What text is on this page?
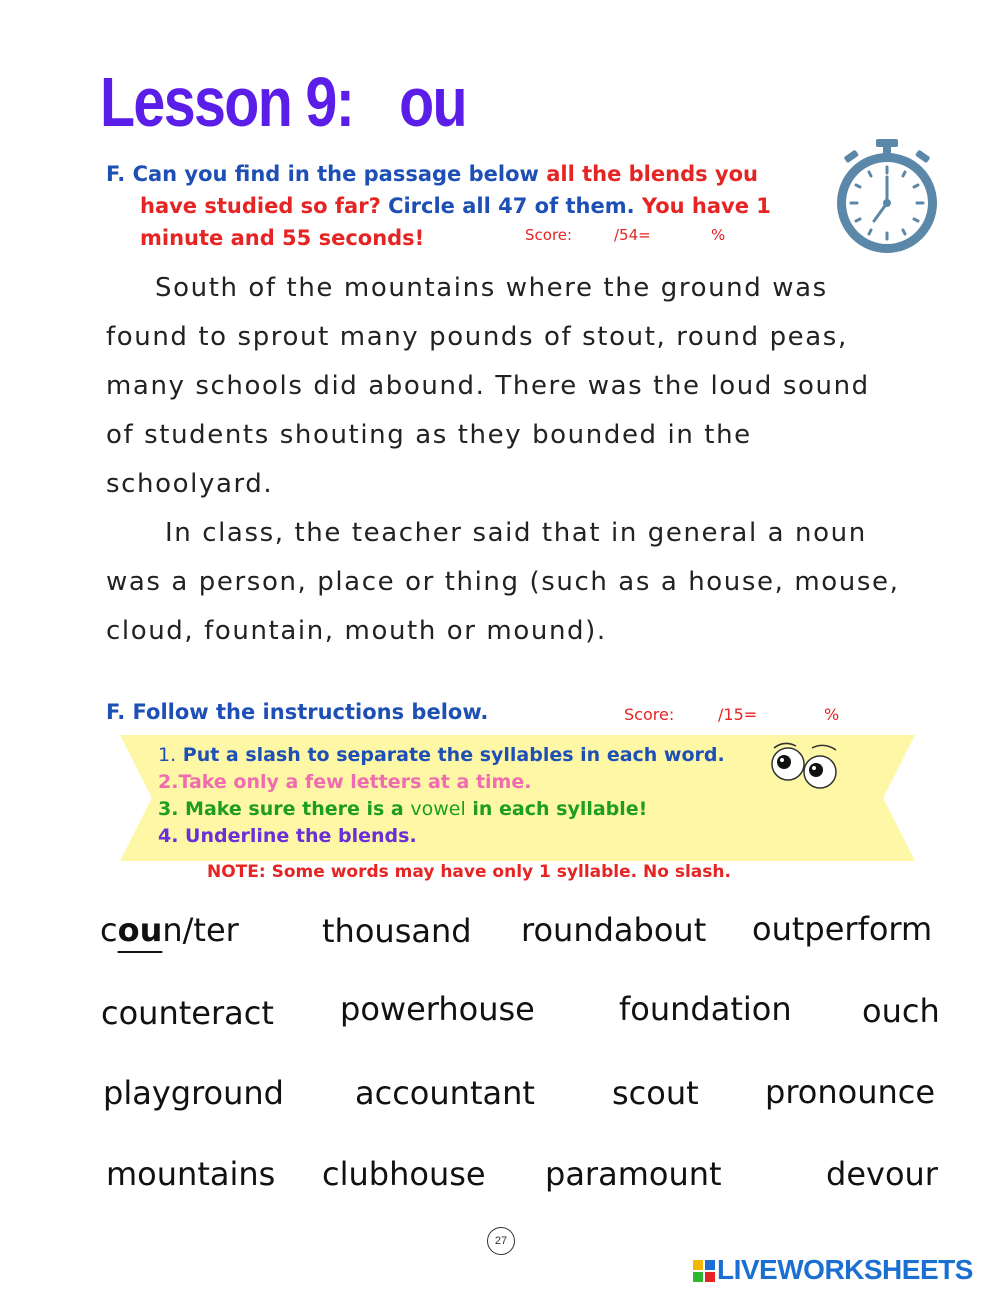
Lesson 9: ou
F. Can you find in the passage below all the blends you
have studied so far? Circle all 47 of them. You have 1
minute and 55 seconds!	Score:	/54=	%
South of the mountains where the ground was
found to sprout many pounds of stout, round peas,
many schools did abound. There was the loud sound
of students shouting as they bounded in the
schoolyard.
In class, the teacher said that in general a noun
was a person, place or thing (such as a house, mouse,
cloud, fountain, mouth or mound).
F. Follow the instructions below.	Score:	/15=	%
1. Put a slash to separate the syllables in each word.
2.Take only a few letters at a time.
3. Make sure there is a vowel in each syllable!
4. Underline the blends.
NOTE: Some words may have only 1 syllable. No slash.
coun/ter	thousand roundabout outperform
counteract powerhouse	foundation ouch
playground accountant scout pronounce
mountains clubhouse paramount	devour
27
LIVEWORKSHEETS
